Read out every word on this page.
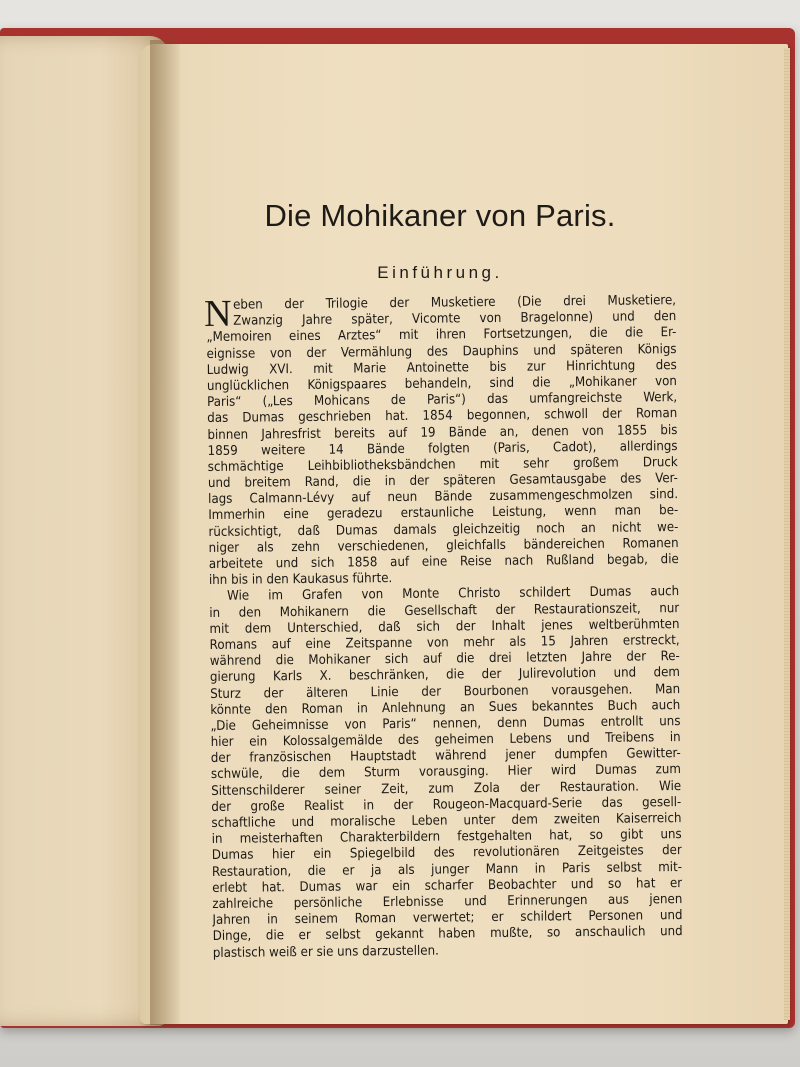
Die Mohikaner von Paris.
Einführung.
N eben der Trilogie der Musketiere (Die drei Musketiere,
Zwanzig Jahre später, Vicomte von Bragelonne) und den
„Memoiren eines Arztes“ mit ihren Fortsetzungen, die die Er-
eignisse von der Vermählung des Dauphins und späteren Königs
Ludwig XVI. mit Marie Antoinette bis zur Hinrichtung des
unglücklichen Königspaares behandeln, sind die „Mohikaner von
Paris“ („Les Mohicans de Paris“) das umfangreichste Werk,
das Dumas geschrieben hat. 1854 begonnen, schwoll der Roman
binnen Jahresfrist bereits auf 19 Bände an, denen von 1855 bis
1859 weitere 14 Bände folgten (Paris, Cadot), allerdings
schmächtige Leihbibliotheksbändchen mit sehr großem Druck
und breitem Rand, die in der späteren Gesamtausgabe des Ver-
lags Calmann-Lévy auf neun Bände zusammengeschmolzen sind.
Immerhin eine geradezu erstaunliche Leistung, wenn man be-
rücksichtigt, daß Dumas damals gleichzeitig noch an nicht we-
niger als zehn verschiedenen, gleichfalls bändereichen Romanen
arbeitete und sich 1858 auf eine Reise nach Rußland begab, die
ihn bis in den Kaukasus führte.
Wie im Grafen von Monte Christo schildert Dumas auch
in den Mohikanern die Gesellschaft der Restaurationszeit, nur
mit dem Unterschied, daß sich der Inhalt jenes weltberühmten
Romans auf eine Zeitspanne von mehr als 15 Jahren erstreckt,
während die Mohikaner sich auf die drei letzten Jahre der Re-
gierung Karls X. beschränken, die der Julirevolution und dem
Sturz der älteren Linie der Bourbonen vorausgehen. Man
könnte den Roman in Anlehnung an Sues bekanntes Buch auch
„Die Geheimnisse von Paris“ nennen, denn Dumas entrollt uns
hier ein Kolossalgemälde des geheimen Lebens und Treibens in
der französischen Hauptstadt während jener dumpfen Gewitter-
schwüle, die dem Sturm vorausging. Hier wird Dumas zum
Sittenschilderer seiner Zeit, zum Zola der Restauration. Wie
der große Realist in der Rougeon-Macquard-Serie das gesell-
schaftliche und moralische Leben unter dem zweiten Kaiserreich
in meisterhaften Charakterbildern festgehalten hat, so gibt uns
Dumas hier ein Spiegelbild des revolutionären Zeitgeistes der
Restauration, die er ja als junger Mann in Paris selbst mit-
erlebt hat. Dumas war ein scharfer Beobachter und so hat er
zahlreiche persönliche Erlebnisse und Erinnerungen aus jenen
Jahren in seinem Roman verwertet; er schildert Personen und
Dinge, die er selbst gekannt haben mußte, so anschaulich und
plastisch weiß er sie uns darzustellen.
